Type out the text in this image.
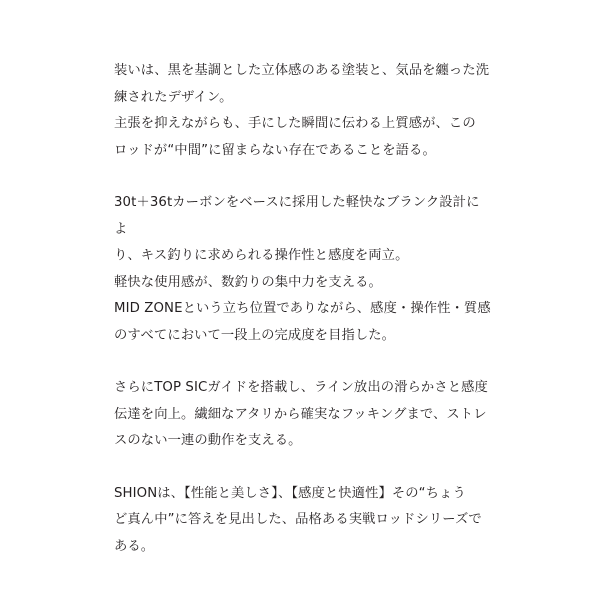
装いは、黒を基調とした立体感のある塗装と、気品を纏った洗
練されたデザイン。
主張を抑えながらも、手にした瞬間に伝わる上質感が、この
ロッドが“中間”に留まらない存在であることを語る。
30t＋36tカーボンをベースに採用した軽快なブランク設計によ
り、キス釣りに求められる操作性と感度を両立。
軽快な使用感が、数釣りの集中力を支える。
MID ZONEという立ち位置でありながら、感度・操作性・質感
のすべてにおいて一段上の完成度を目指した。
さらにTOP SICガイドを搭載し、ライン放出の滑らかさと感度
伝達を向上。繊細なアタリから確実なフッキングまで、ストレ
スのない一連の動作を支える。
SHIONは、【性能と美しさ】、【感度と快適性】その“ちょう
ど真ん中”に答えを見出した、品格ある実戦ロッドシリーズで
ある。
